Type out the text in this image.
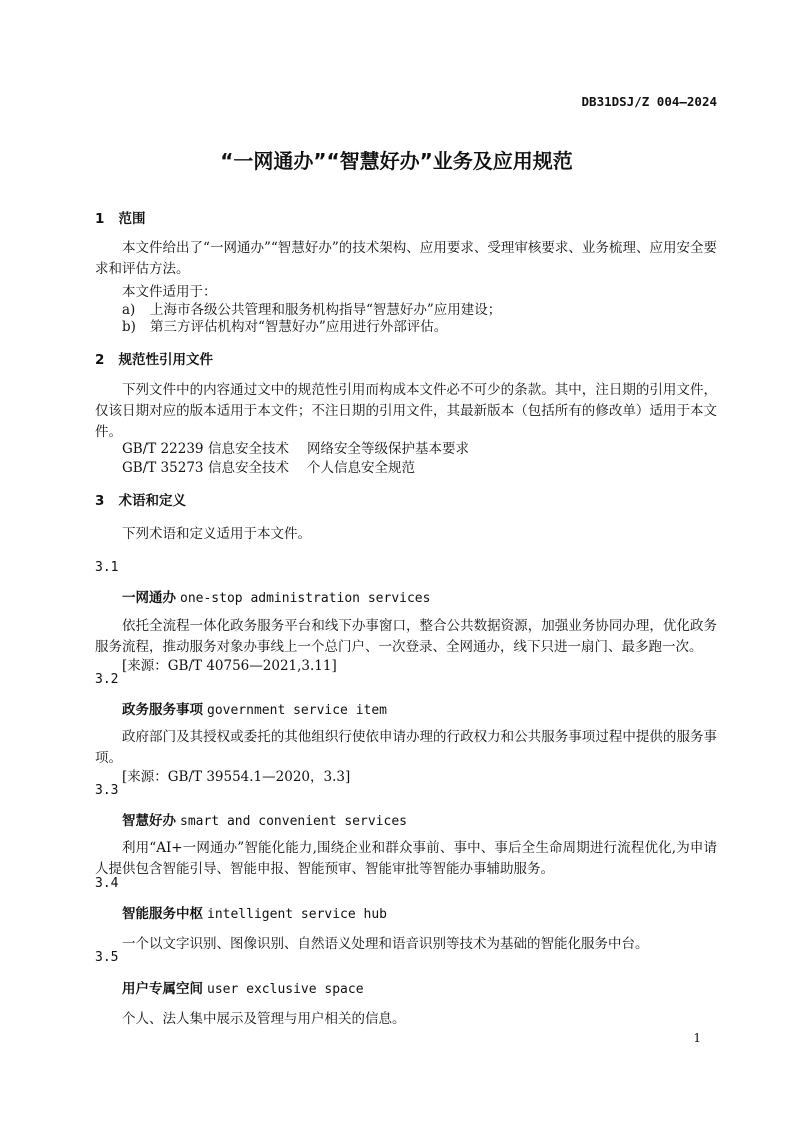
DB31DSJ/Z 004—2024
“一网通办”“智慧好办”业务及应用规范
1 范围
本文件给出了“一网通办”“智慧好办”的技术架构、应用要求、受理审核要求、业务梳理、应用安全要求和评估方法。
本文件适用于：
a) 上海市各级公共管理和服务机构指导“智慧好办”应用建设；
b) 第三方评估机构对“智慧好办”应用进行外部评估。
2 规范性引用文件
下列文件中的内容通过文中的规范性引用而构成本文件必不可少的条款。其中，注日期的引用文件，仅该日期对应的版本适用于本文件；不注日期的引用文件，其最新版本（包括所有的修改单）适用于本文件。
GB/T 22239 信息安全技术 网络安全等级保护基本要求
GB/T 35273 信息安全技术 个人信息安全规范
3 术语和定义
下列术语和定义适用于本文件。
3.1
一网通办 one-stop administration services
依托全流程一体化政务服务平台和线下办事窗口，整合公共数据资源，加强业务协同办理，优化政务服务流程，推动服务对象办事线上一个总门户、一次登录、全网通办，线下只进一扇门、最多跑一次。
[来源：GB/T 40756—2021,3.11]
3.2
政务服务事项 government service item
政府部门及其授权或委托的其他组织行使依申请办理的行政权力和公共服务事项过程中提供的服务事项。
[来源：GB/T 39554.1—2020，3.3]
3.3
智慧好办 smart and convenient services
利用“AI+一网通办”智能化能力,围绕企业和群众事前、事中、事后全生命周期进行流程优化,为申请人提供包含智能引导、智能申报、智能预审、智能审批等智能办事辅助服务。
3.4
智能服务中枢 intelligent service hub
一个以文字识别、图像识别、自然语义处理和语音识别等技术为基础的智能化服务中台。
3.5
用户专属空间 user exclusive space
个人、法人集中展示及管理与用户相关的信息。
1
